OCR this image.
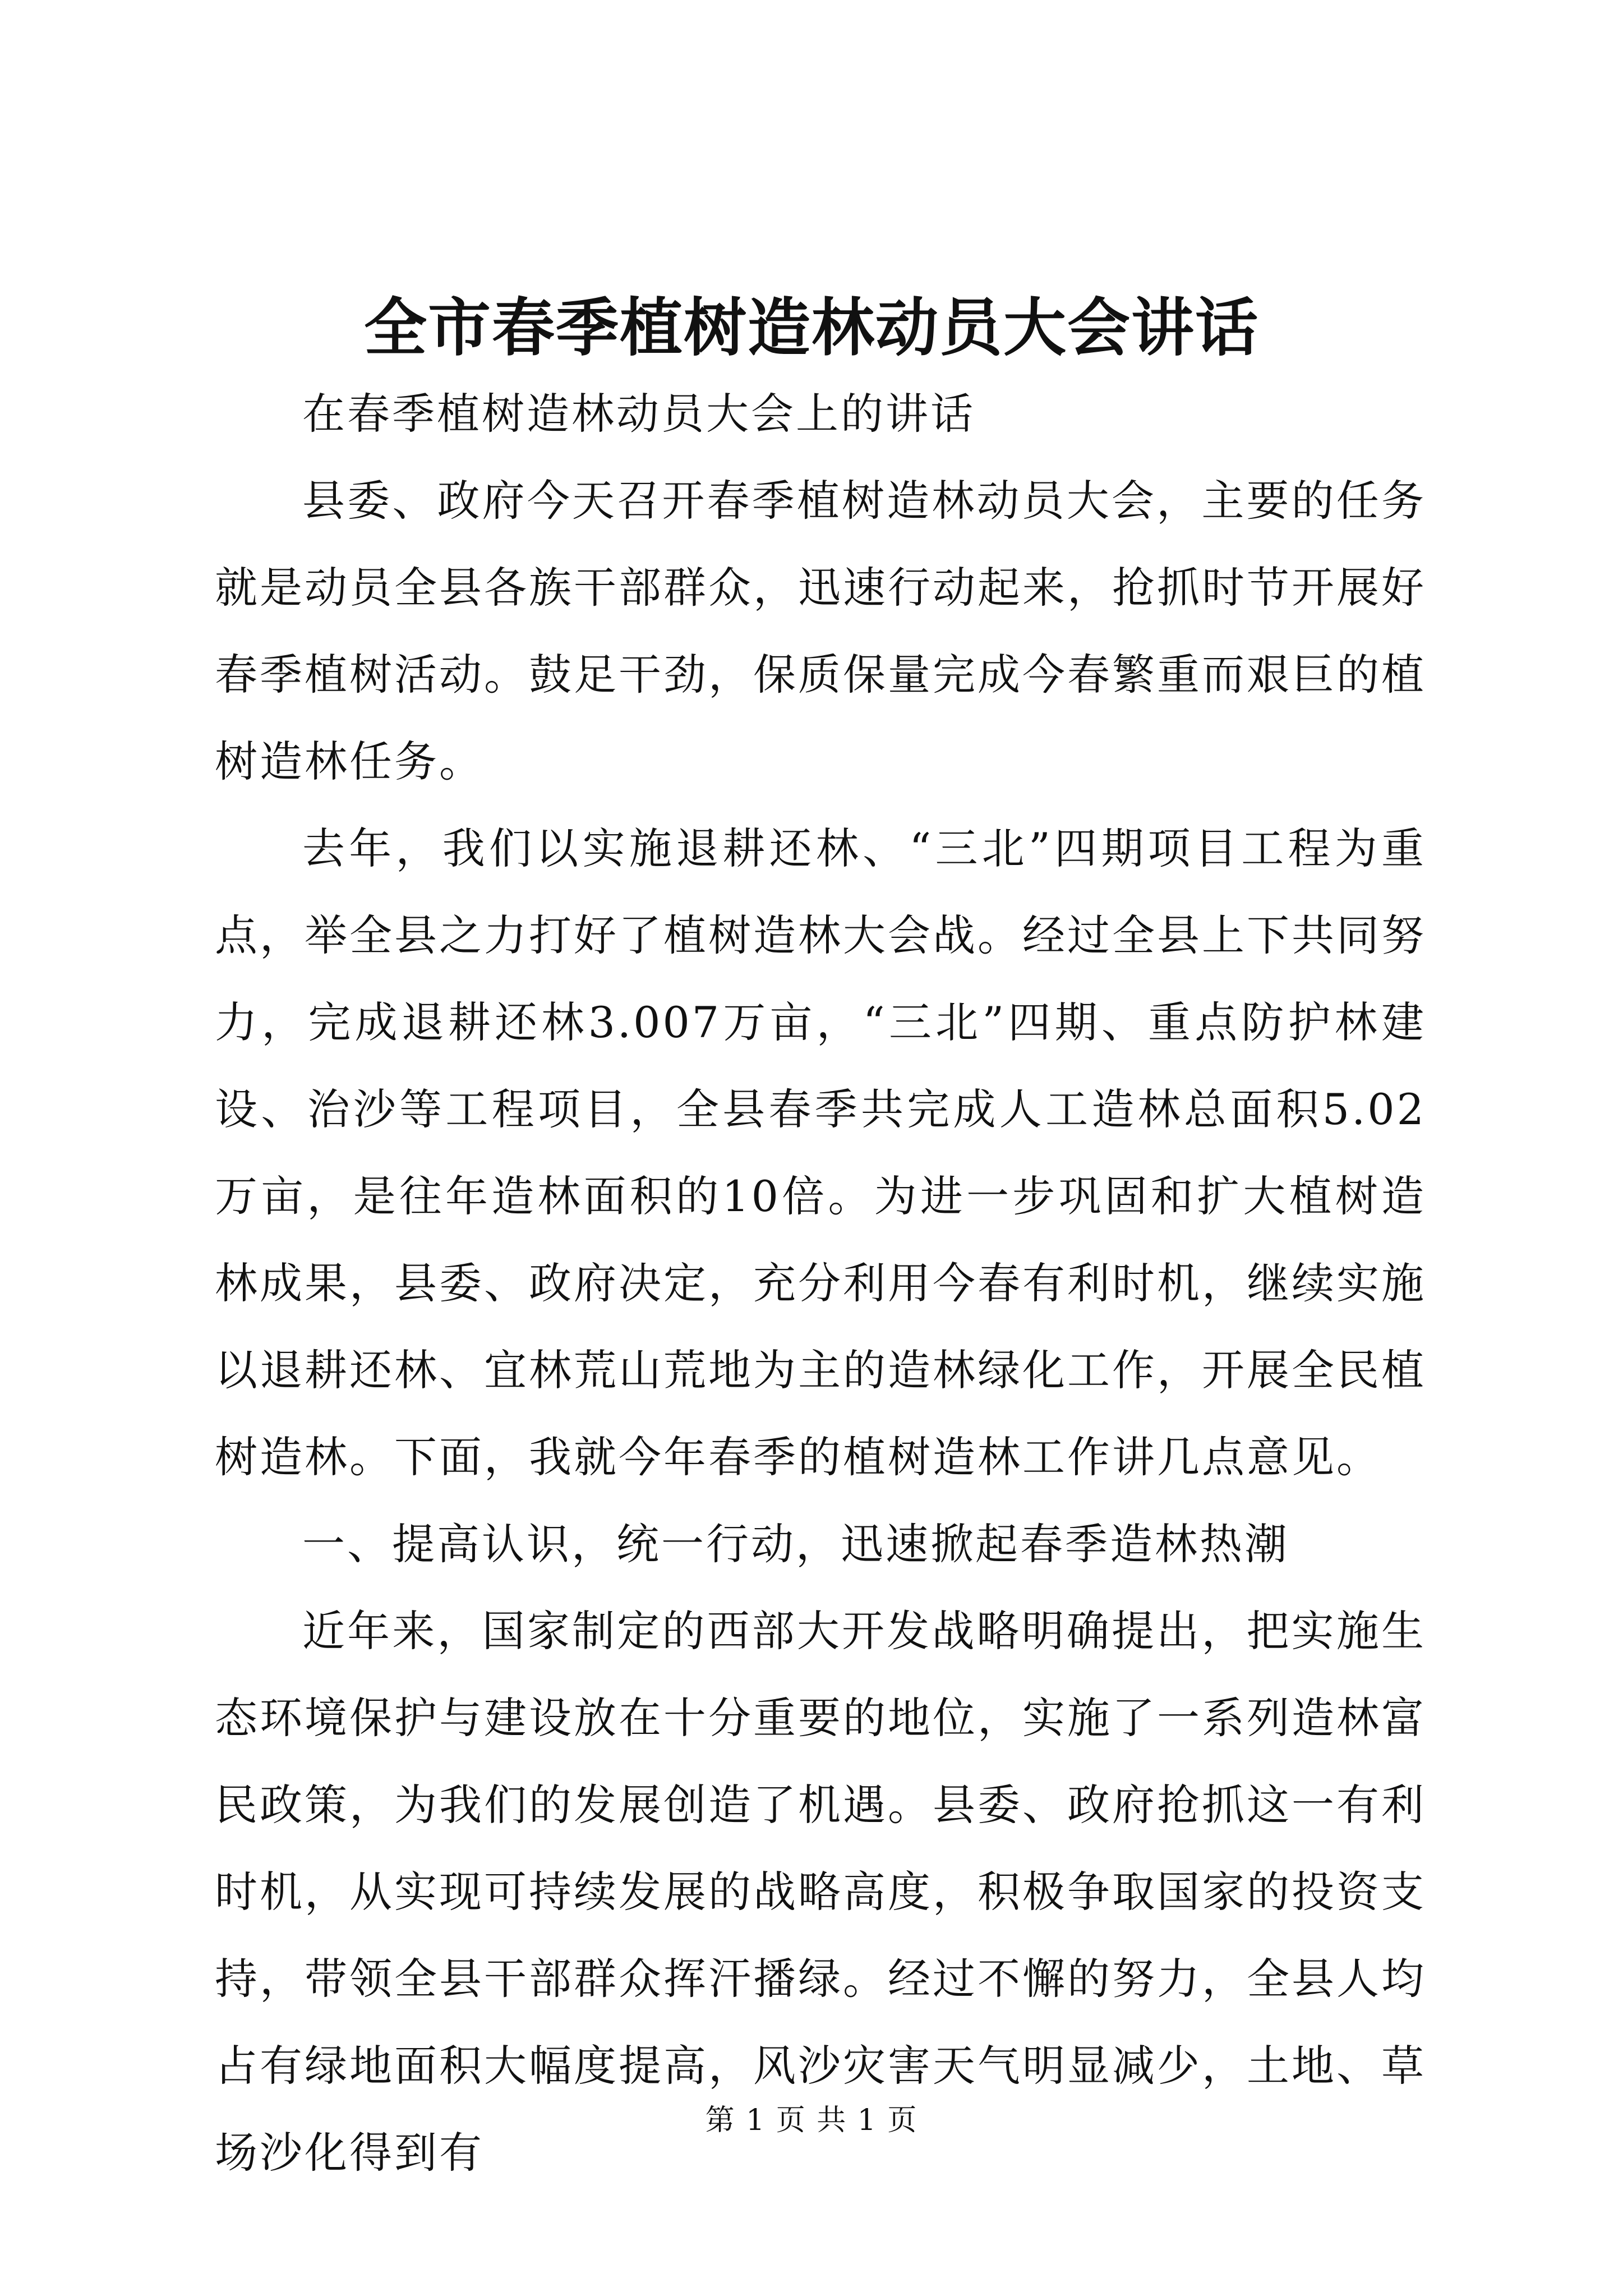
全市春季植树造林动员大会讲话

在春季植树造林动员大会上的讲话

县委、政府今天召开春季植树造林动员大会，主要的任务就是动员全县各族干部群众，迅速行动起来，抢抓时节开展好春季植树活动。鼓足干劲，保质保量完成今春繁重而艰巨的植树造林任务。

去年，我们以实施退耕还林、“三北”四期项目工程为重点，举全县之力打好了植树造林大会战。经过全县上下共同努力，完成退耕还林3.007万亩，“三北”四期、重点防护林建设、治沙等工程项目，全县春季共完成人工造林总面积5.02万亩，是往年造林面积的10倍。为进一步巩固和扩大植树造林成果，县委、政府决定，充分利用今春有利时机，继续实施以退耕还林、宜林荒山荒地为主的造林绿化工作，开展全民植树造林。下面，我就今年春季的植树造林工作讲几点意见。

一、提高认识，统一行动，迅速掀起春季造林热潮

近年来，国家制定的西部大开发战略明确提出，把实施生态环境保护与建设放在十分重要的地位，实施了一系列造林富民政策，为我们的发展创造了机遇。县委、政府抢抓这一有利时机，从实现可持续发展的战略高度，积极争取国家的投资支持，带领全县干部群众挥汗播绿。经过不懈的努力，全县人均占有绿地面积大幅度提高，风沙灾害天气明显减少，土地、草场沙化得到有

第 1 页 共 1 页
